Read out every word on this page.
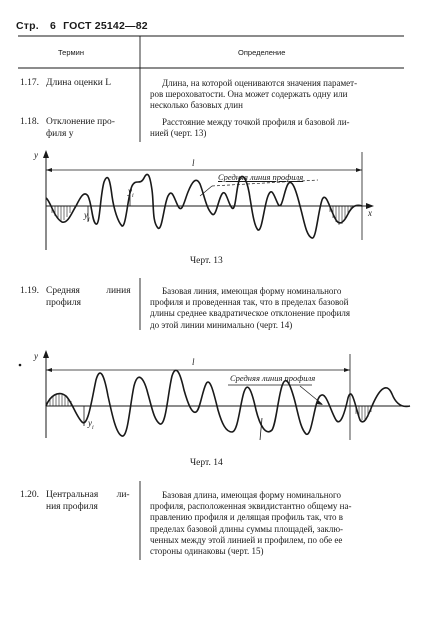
Стр. 6 ГОСТ 25142—82
Термин	Определение
1.17. Длина оценки L	Длина, на которой оцениваются значения парамет-
ров шероховатости. Она может содержать одну или
несколько базовых длин
1.18. Отклонение про-
филя y
Расстояние между точкой профиля и базовой ли-
нией (черт. 13)
y
x
l
Средняя линия профиля
$y_i$
$y_i$
Черт. 13
1.19. Средняя линия
профиля
Базовая линия, имеющая форму номинального
профиля и проведенная так, что в пределах базовой
длины среднее квадратическое отклонение профиля
до этой линии минимально (черт. 14)
y
l
Средняя линия профиля
$y_i$
Черт. 14
1.20. Центральная ли-
ния профиля
Базовая длина, имеющая форму номинального
профиля, расположенная эквидистантно общему на-
правлению профиля и делящая профиль так, что в
пределах базовой длины суммы площадей, заклю-
ченных между этой линией и профилем, по обе ее
стороны одинаковы (черт. 15)
